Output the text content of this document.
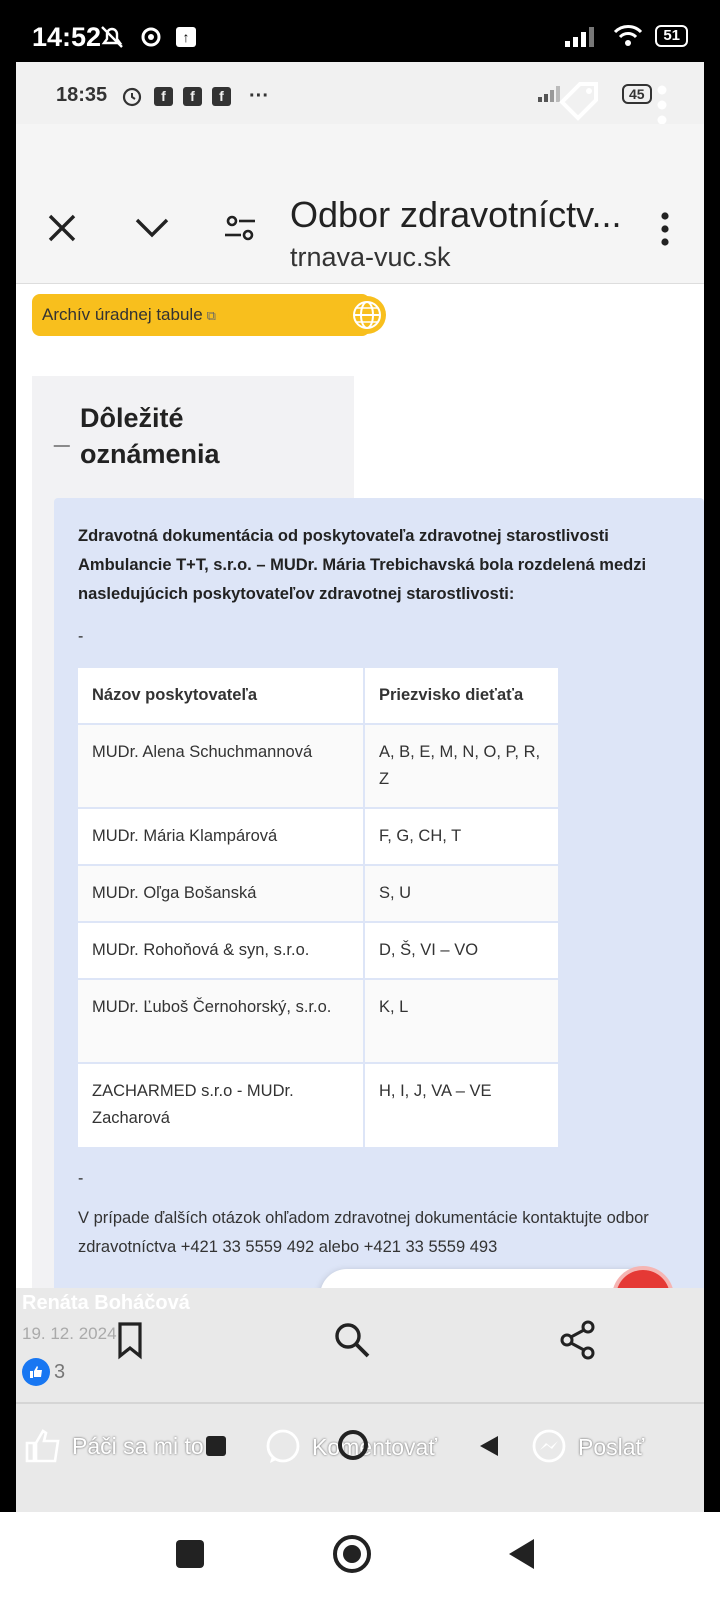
14:52	↑	51
18:35	f	f	f	···	45
Odbor zdravotníctv...
trnava-vuc.sk
Archív úradnej tabule ⧉
_ Dôležité
oznámenia
Zdravotná dokumentácia od poskytovateľa zdravotnej starostlivosti Ambulancie T+T, s.r.o. – MUDr. Mária Trebichavská bola rozdelená medzi nasledujúcich poskytovateľov zdravotnej starostlivosti:
-
Názov poskytovateľa	Priezvisko dieťaťa
MUDr. Alena Schuchmannová	A, B, E, M, N, O, P, R, Z
MUDr. Mária Klampárová	F, G, CH, T
MUDr. Oľga Bošanská	S, U
MUDr. Rohoňová & syn, s.r.o.	D, Š, VI – VO
MUDr. Ľuboš Černohorský, s.r.o.	K, L
ZACHARMED s.r.o - MUDr. Zacharová	H, I, J, VA – VE
-
V prípade ďalších otázok ohľadom zdravotnej dokumentácie kontaktujte odbor zdravotníctva +421 33 5559 492 alebo +421 33 5559 493
Renáta Boháčová
19. 12. 2024
3
Páči sa mi to	Komentovať	Poslať
